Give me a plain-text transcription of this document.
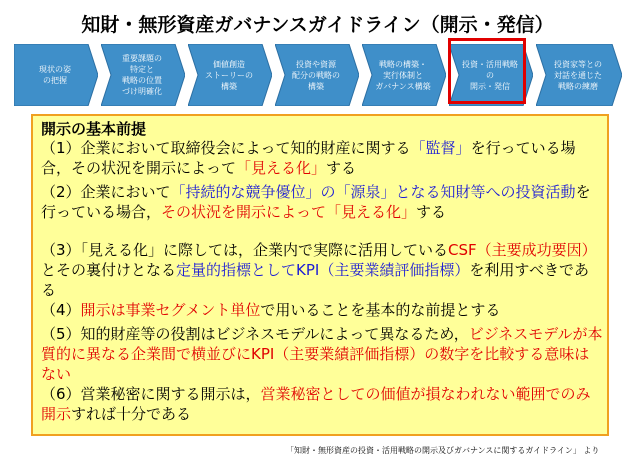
知財・無形資産ガバナンスガイドライン（開示・発信）
現状の姿
の把握
重要課題の
特定と
戦略の位置
づけ明確化
価値創造
ストーリーの
構築
投資や資源
配分の戦略の
構築
戦略の構築・
実行体制と
ガバナンス構築
投資・活用戦略の
開示・発信
投資家等との
対話を通じた
戦略の練磨
開示の基本前提
（1）企業において取締役会によって知的財産に関する「監督」を行っている場合，その状況を開示によって「見える化」する
（2）企業において「持続的な競争優位」の「源泉」となる知財等への投資活動を行っている場合，その状況を開示によって「見える化」する
（3）「見える化」に際しては，企業内で実際に活用しているCSF（主要成功要因）とその裏付けとなる定量的指標としてKPI（主要業績評価指標）を利用すべきである
（4）開示は事業セグメント単位で用いることを基本的な前提とする
（5）知的財産等の役割はビジネスモデルによって異なるため，ビジネスモデルが本質的に異なる企業間で横並びにKPI（主要業績評価指標）の数字を比較する意味はない
（6）営業秘密に関する開示は，営業秘密としての価値が損なわれない範囲でのみ開示すれば十分である
「知財・無形資産の投資・活用戦略の開示及びガバナンスに関するガイドライン」 より
